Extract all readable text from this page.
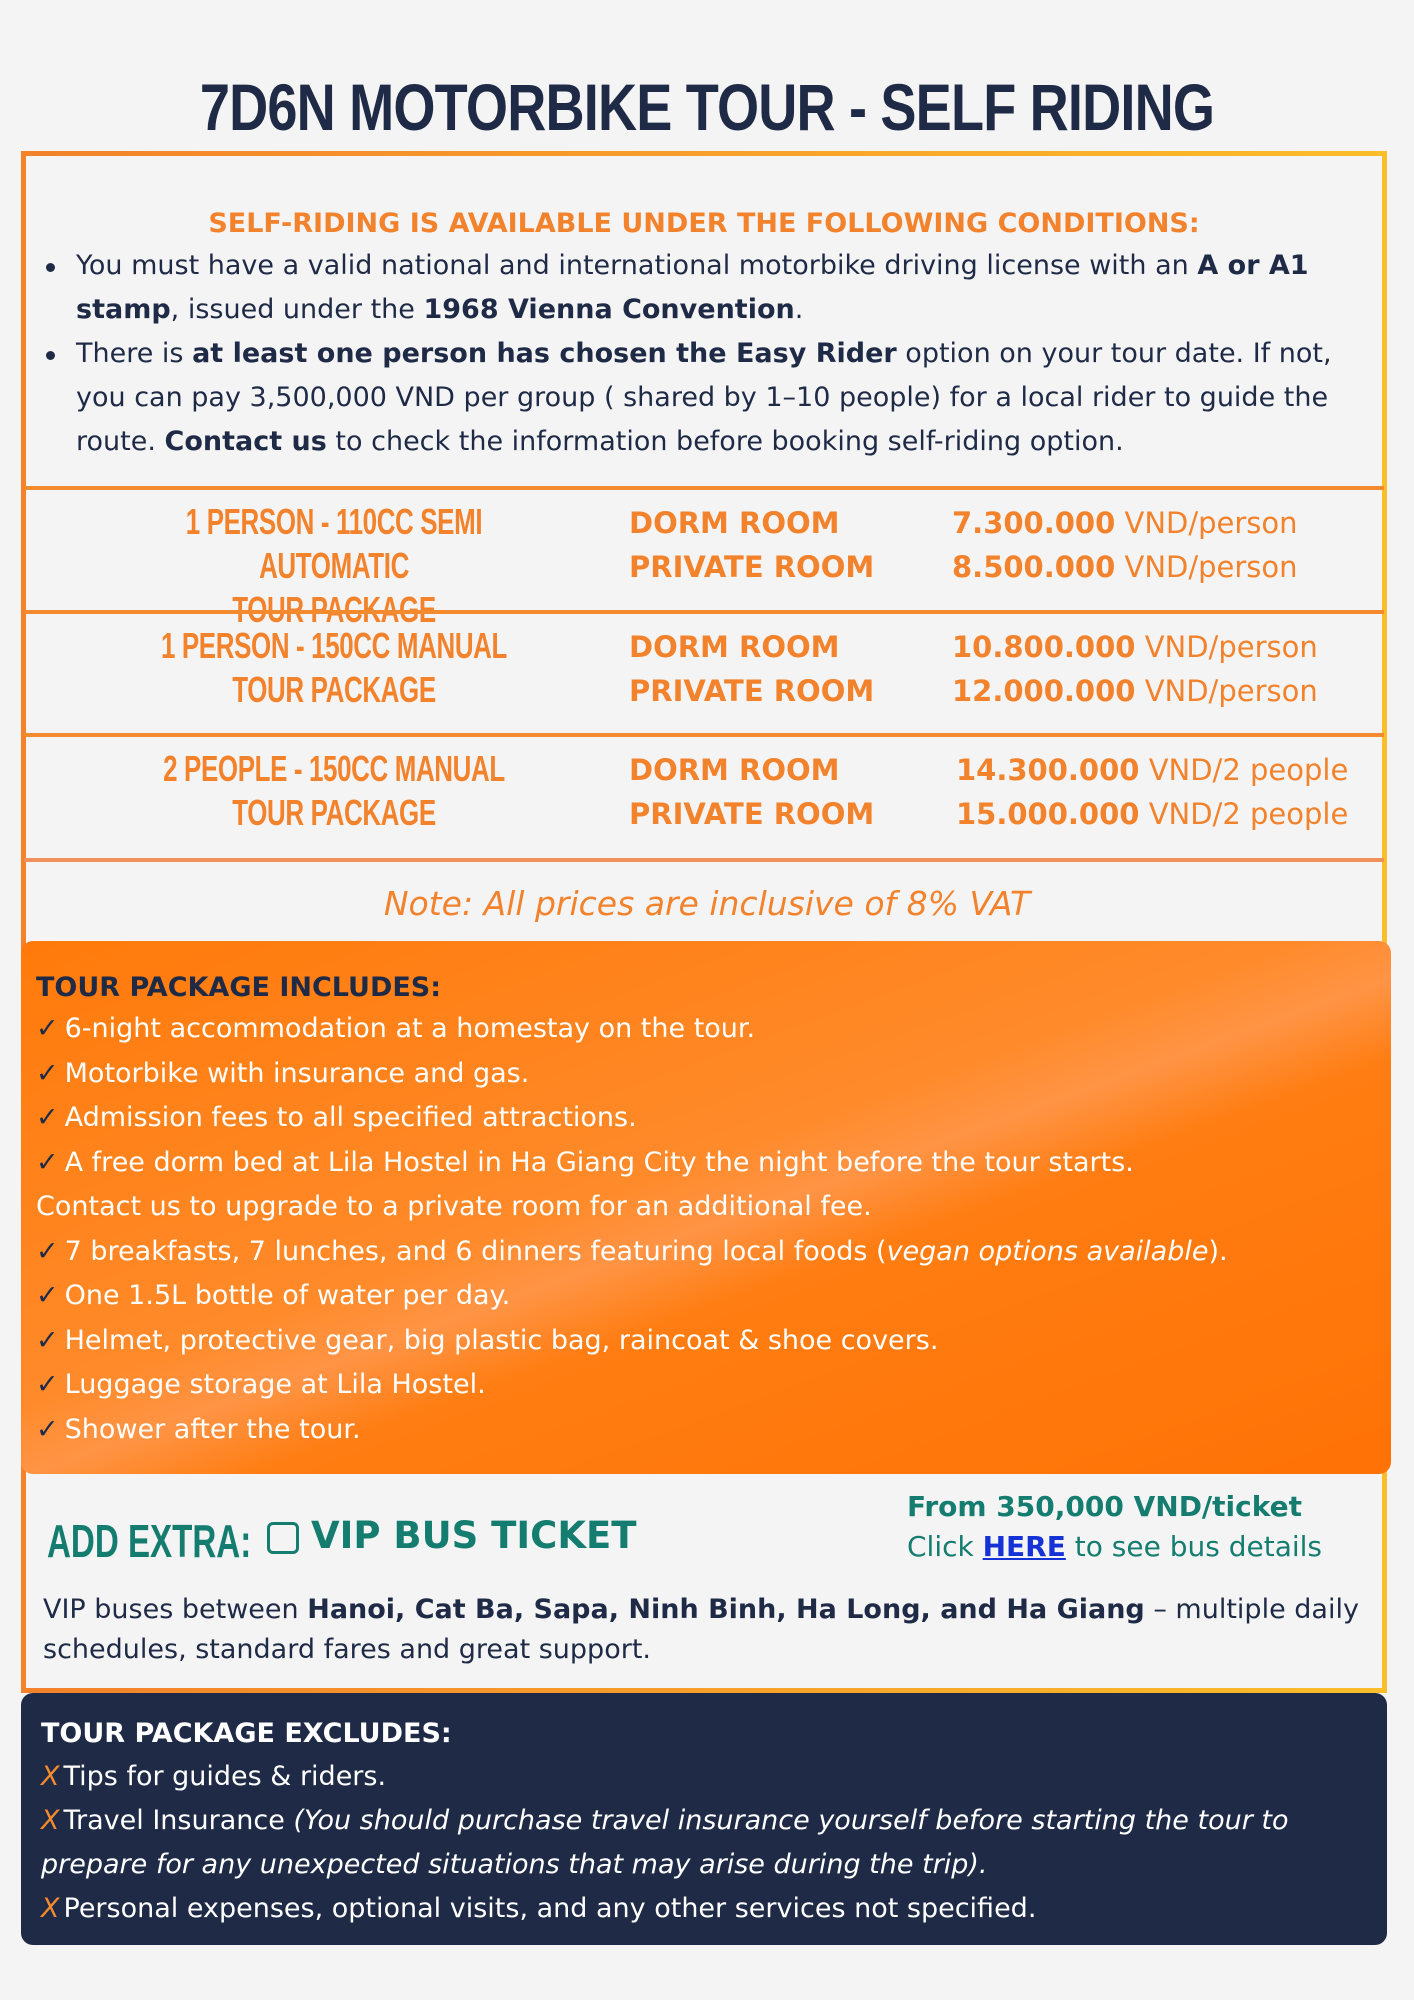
7D6N MOTORBIKE TOUR - SELF RIDING
SELF-RIDING IS AVAILABLE UNDER THE FOLLOWING CONDITIONS:
You must have a valid national and international motorbike driving license with an A or A1 stamp, issued under the 1968 Vienna Convention.
There is at least one person has chosen the Easy Rider option on your tour date. If not, you can pay 3,500,000 VND per group ( shared by 1–10 people) for a local rider to guide the route. Contact us to check the information before booking self-riding option.
1 PERSON - 110CC SEMI AUTOMATIC
TOUR PACKAGE
DORM ROOM
PRIVATE ROOM
7.300.000 VND/person
8.500.000 VND/person
1 PERSON - 150CC MANUAL
TOUR PACKAGE
DORM ROOM
PRIVATE ROOM
10.800.000 VND/person
12.000.000 VND/person
2 PEOPLE - 150CC MANUAL
TOUR PACKAGE
DORM ROOM
PRIVATE ROOM
14.300.000 VND/2 people
15.000.000 VND/2 people
Note: All prices are inclusive of 8% VAT
TOUR PACKAGE INCLUDES:
✓ 6-night accommodation at a homestay on the tour.
✓ Motorbike with insurance and gas.
✓ Admission fees to all specified attractions.
✓ A free dorm bed at Lila Hostel in Ha Giang City the night before the tour starts.
Contact us to upgrade to a private room for an additional fee.
✓ 7 breakfasts, 7 lunches, and 6 dinners featuring local foods (vegan options available).
✓ One 1.5L bottle of water per day.
✓ Helmet, protective gear, big plastic bag, raincoat & shoe covers.
✓ Luggage storage at Lila Hostel.
✓ Shower after the tour.
ADD EXTRA: VIP BUS TICKET
From 350,000 VND/ticket
Click HERE to see bus details
VIP buses between Hanoi, Cat Ba, Sapa, Ninh Binh, Ha Long, and Ha Giang – multiple daily schedules, standard fares and great support.
TOUR PACKAGE EXCLUDES:
X Tips for guides & riders.
X Travel Insurance (You should purchase travel insurance yourself before starting the tour to prepare for any unexpected situations that may arise during the trip).
X Personal expenses, optional visits, and any other services not specified.
